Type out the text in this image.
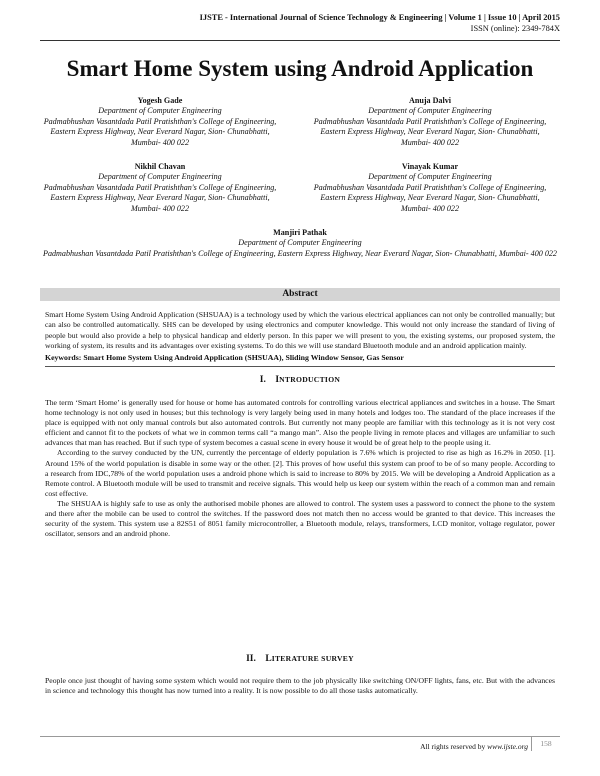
IJSTE - International Journal of Science Technology & Engineering | Volume 1 | Issue 10 | April 2015
ISSN (online): 2349-784X
Smart Home System using Android Application
Yogesh Gade
Department of Computer Engineering
Padmabhushan Vasantdada Patil Pratishthan's College of Engineering, Eastern Express Highway, Near Everard Nagar, Sion- Chunabhatti, Mumbai- 400 022
Anuja Dalvi
Department of Computer Engineering
Padmabhushan Vasantdada Patil Pratishthan's College of Engineering, Eastern Express Highway, Near Everard Nagar, Sion- Chunabhatti, Mumbai- 400 022
Nikhil Chavan
Department of Computer Engineering
Padmabhushan Vasantdada Patil Pratishthan's College of Engineering, Eastern Express Highway, Near Everard Nagar, Sion- Chunabhatti, Mumbai- 400 022
Vinayak Kumar
Department of Computer Engineering
Padmabhushan Vasantdada Patil Pratishthan's College of Engineering, Eastern Express Highway, Near Everard Nagar, Sion- Chunabhatti, Mumbai- 400 022
Manjiri Pathak
Department of Computer Engineering
Padmabhushan Vasantdada Patil Pratishthan's College of Engineering, Eastern Express Highway, Near Everard Nagar, Sion- Chunabhatti, Mumbai- 400 022
Abstract
Smart Home System Using Android Application (SHSUAA) is a technology used by which the various electrical appliances can not only be controlled manually; but can also be controlled automatically. SHS can be developed by using electronics and computer knowledge. This would not only increase the standard of living of people but would also provide a help to physical handicap and elderly person. In this paper we will present to you, the existing systems, our proposed system, the working of system, its results and its advantages over existing systems. To do this we will use standard Bluetooth module and an android application mainly.
Keywords: Smart Home System Using Android Application (SHSUAA), Sliding Window Sensor, Gas Sensor
I. INTRODUCTION

The term ‘Smart Home’ is generally used for house or home has automated controls for controlling various electrical appliances and switches in a house. The Smart home technology is not only used in houses; but this technology is very largely being used in many hotels and lodges too. The standard of the place increases if the place is equipped with not only manual controls but also automated controls. But currently not many people are familiar with this technology as it is not very cost efficient and cannot fit to the pockets of what we in common terms call “a mango man”. Also the people living in remote places and villages are unfamiliar to such advances that man has reached. But if such type of system becomes a casual scene in every house it would be of great help to the people using it.

According to the survey conducted by the UN, currently the percentage of elderly population is 7.6% which is projected to rise as high as 16.2% in 2050. [1]. Around 15% of the world population is disable in some way or the other. [2]. This proves of how useful this system can proof to be of so many people. According to a research from IDC,78% of the world population uses a android phone which is said to increase to 80% by 2015. We will be developing a Android Application as a Remote control. A Bluetooth module will be used to transmit and receive signals. This would help us keep our system within the reach of a common man and remain cost effective.

The SHSUAA is highly safe to use as only the authorised mobile phones are allowed to control. The system uses a password to connect the phone to the system and there after the mobile can be used to control the switches. If the password does not match then no access would be granted to that device. This increases the security of the system. This system use a 82S51 of 8051 family microcontroller, a Bluetooth module, relays, transformers, LCD monitor, voltage regulator, power oscillator, sensors and an android phone.

II. LITERATURE SURVEY

People once just thought of having some system which would not require them to the job physically like switching ON/OFF lights, fans, etc. But with the advances in science and technology this thought has now turned into a reality. It is now possible to do all those tasks automatically.

All rights reserved by www.ijste.org	158
